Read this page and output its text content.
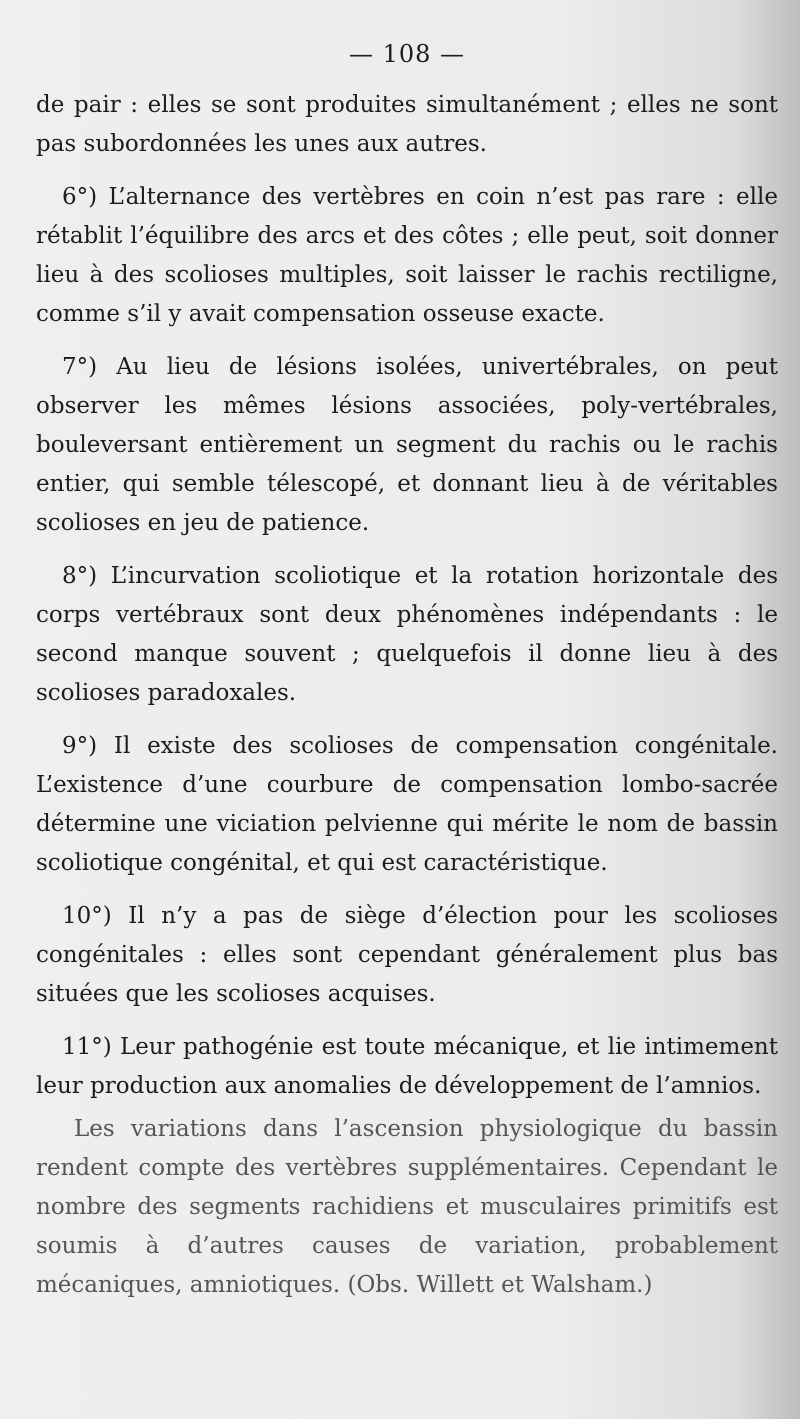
— 108 —

de pair : elles se sont produites simultanément ; elles ne sont pas subordonnées les unes aux autres.

6°) L’alternance des vertèbres en coin n’est pas rare : elle rétablit l’équilibre des arcs et des côtes ; elle peut, soit donner lieu à des scolioses multiples, soit laisser le rachis rectiligne, comme s’il y avait compensation osseuse exacte.

7°) Au lieu de lésions isolées, univertébrales, on peut observer les mêmes lésions associées, poly-vertébrales, bouleversant entièrement un segment du rachis ou le rachis entier, qui semble télescopé, et donnant lieu à de véritables scolioses en jeu de patience.

8°) L’incurvation scoliotique et la rotation horizontale des corps vertébraux sont deux phénomènes indépendants : le second manque souvent ; quelquefois il donne lieu à des scolioses paradoxales.

9°) Il existe des scolioses de compensation congénitale. L’existence d’une courbure de compensation lombo-sacrée détermine une viciation pelvienne qui mérite le nom de bassin scoliotique congénital, et qui est caractéristique.

10°) Il n’y a pas de siège d’élection pour les scolioses congénitales : elles sont cependant généralement plus bas situées que les scolioses acquises.

11°) Leur pathogénie est toute mécanique, et lie intimement leur production aux anomalies de développement de l’amnios.

Les variations dans l’ascension physiologique du bassin rendent compte des vertèbres supplémentaires. Cependant le nombre des segments rachidiens et musculaires primitifs est soumis à d’autres causes de variation, probablement mécaniques, amniotiques. (Obs. Willett et Walsham.)
